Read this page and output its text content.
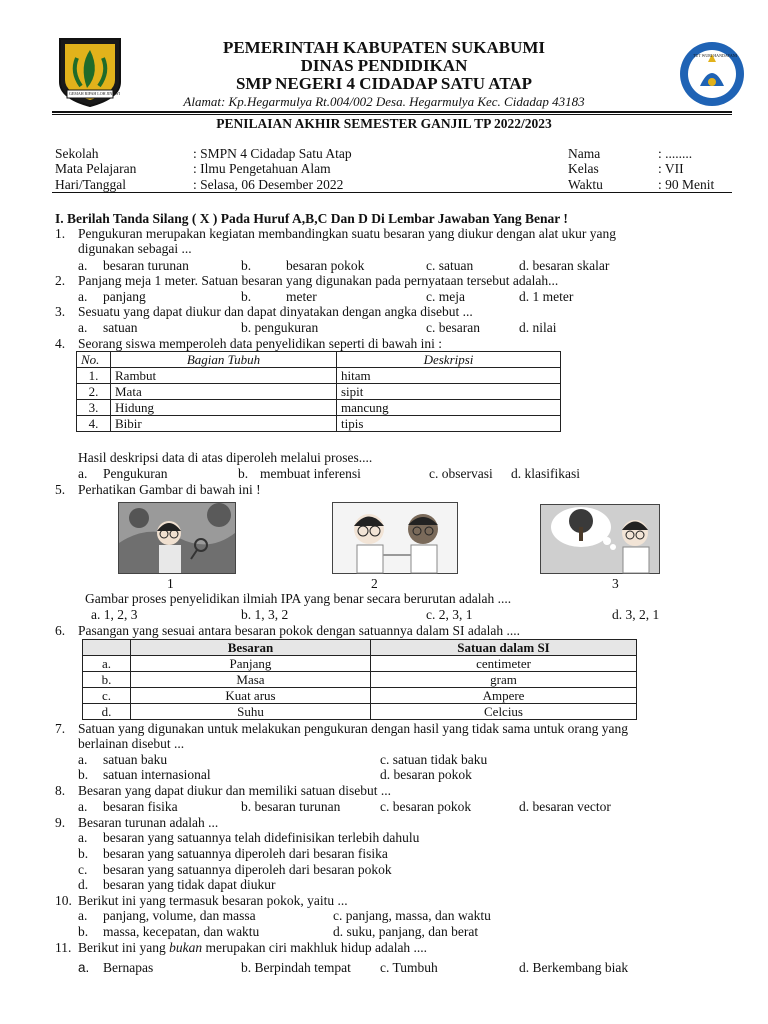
GEMAH RIPAH LOH JINAWI
TUT WURI HANDAYANI
PEMERINTAH KABUPATEN SUKABUMI
DINAS PENDIDIKAN
SMP NEGERI 4 CIDADAP SATU ATAP
Alamat: Kp.Hegarmulya Rt.004/002 Desa. Hegarmulya Kec. Cidadap 43183
PENILAIAN AKHIR SEMESTER GANJIL TP 2022/2023
Sekolah	: SMPN 4 Cidadap Satu Atap
Mata Pelajaran	: Ilmu Pengetahuan Alam
Hari/Tanggal	: Selasa, 06 Desember 2022
Nama	: ........
Kelas	: VII
Waktu	: 90 Menit
I. Berilah Tanda Silang ( X ) Pada Huruf A,B,C Dan D Di Lembar Jawaban Yang Benar !
1. Pengukuran merupakan kegiatan membandingkan suatu besaran yang diukur dengan alat ukur yang
digunakan sebagai ...
a. besaran turunan	b.	besaran pokok	c. satuan	d. besaran skalar
2. Panjang meja 1 meter. Satuan besaran yang digunakan pada pernyataan tersebut adalah...
a. panjang	b.	meter	c. meja	d. 1 meter
3. Sesuatu yang dapat diukur dan dapat dinyatakan dengan angka disebut ...
a. satuan	b. pengukuran	c. besaran	d. nilai
4. Seorang siswa memperoleh data penyelidikan seperti di bawah ini :
No.	Bagian Tubuh	Deskripsi
1.	Rambut	hitam
2.	Mata	sipit
3.	Hidung	mancung
4.	Bibir	tipis
Hasil deskripsi data di atas diperoleh melalui proses....
a. Pengukuran	b. membuat inferensi	c. observasi d. klasifikasi
5. Perhatikan Gambar di bawah ini !
1	2	3
Gambar proses penyelidikan ilmiah IPA yang benar secara berurutan adalah ....
a. 1, 2, 3	b. 1, 3, 2	c. 2, 3, 1	d. 3, 2, 1
6. Pasangan yang sesuai antara besaran pokok dengan satuannya dalam SI adalah ....
	Besaran	Satuan dalam SI
a.	Panjang	centimeter
b.	Masa	gram
c.	Kuat arus	Ampere
d.	Suhu	Celcius
7. Satuan yang digunakan untuk melakukan pengukuran dengan hasil yang tidak sama untuk orang yang
berlainan disebut ...
a. satuan baku	c. satuan tidak baku
b. satuan internasional	d. besaran pokok
8. Besaran yang dapat diukur dan memiliki satuan disebut ...
a. besaran fisika	b. besaran turunan	c. besaran pokok	d. besaran vector
9. Besaran turunan adalah ...
a. besaran yang satuannya telah didefinisikan terlebih dahulu
b. besaran yang satuannya diperoleh dari besaran fisika
c. besaran yang satuannya diperoleh dari besaran pokok
d. besaran yang tidak dapat diukur
10. Berikut ini yang termasuk besaran pokok, yaitu ...
a. panjang, volume, dan massa	c. panjang, massa, dan waktu
b. massa, kecepatan, dan waktu	d. suku, panjang, dan berat
11. Berikut ini yang bukan merupakan ciri makhluk hidup adalah ....
a. Bernapas	b. Berpindah tempat c. Tumbuh	d. Berkembang biak
